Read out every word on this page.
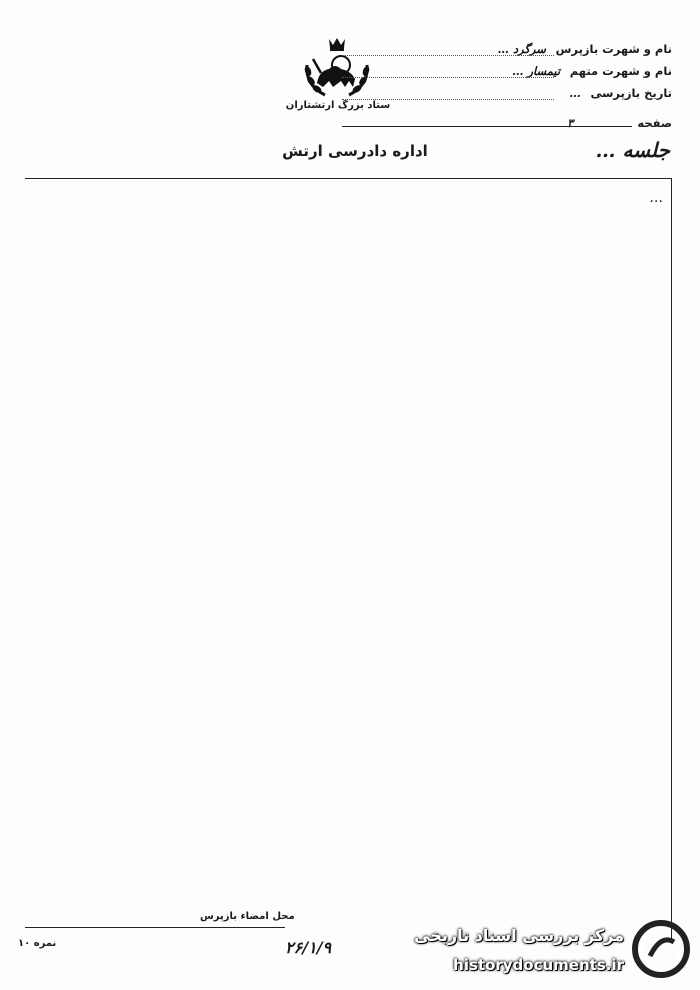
ستاد بزرگ ارتشتاران
نام و شهرت بازپرس سرگرد …
نام و شهرت متهم تیمسار …
تاریخ بازپرسی …
صفحه ۳
اداره دادرسی ارتش	جلسه …

…

محل امضاء بازپرس
۲۶/۱/۹
نمره ۱۰	مرکز بررسی اسناد تاریخی
historydocuments.ir
